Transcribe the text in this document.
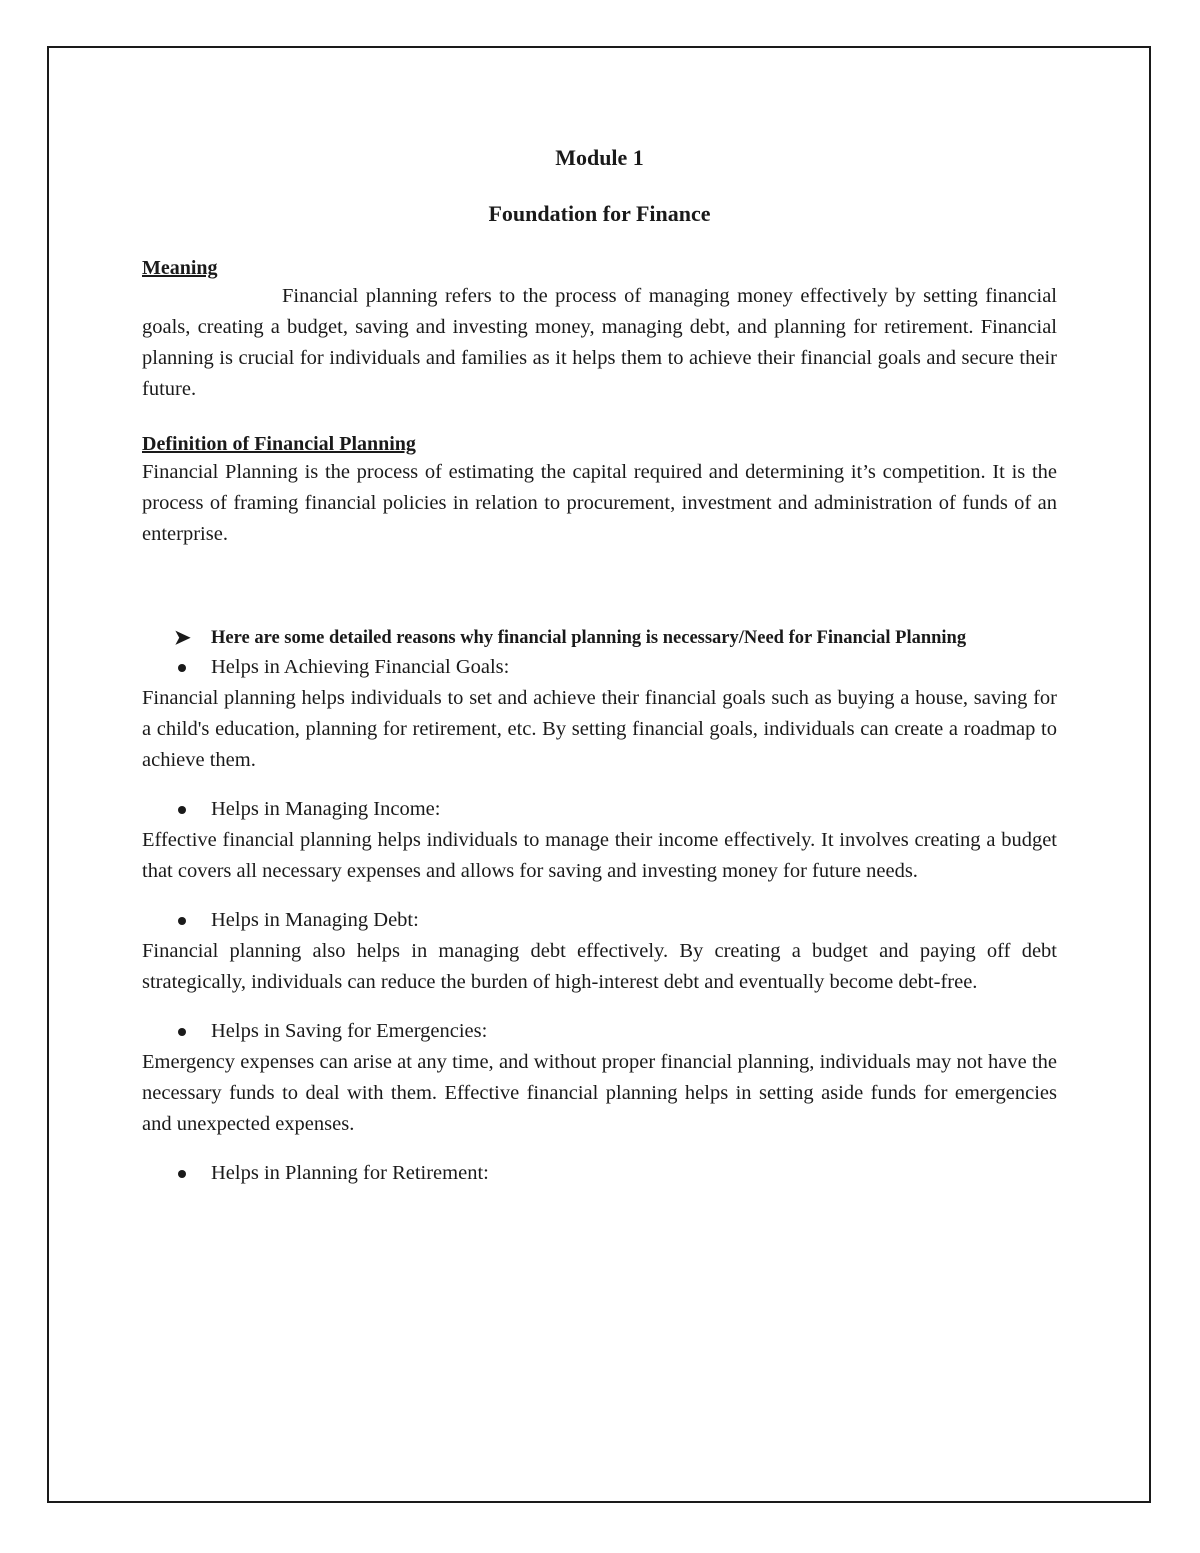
Module 1
Foundation for Finance
Meaning

Financial planning refers to the process of managing money effectively by setting financial goals, creating a budget, saving and investing money, managing debt, and planning for retirement. Financial planning is crucial for individuals and families as it helps them to achieve their financial goals and secure their future.

Definition of Financial Planning

Financial Planning is the process of estimating the capital required and determining it’s competition. It is the process of framing financial policies in relation to procurement, investment and administration of funds of an enterprise.

➤ Here are some detailed reasons why financial planning is necessary/Need for Financial Planning
Helps in Achieving Financial Goals:

Financial planning helps individuals to set and achieve their financial goals such as buying a house, saving for a child's education, planning for retirement, etc. By setting financial goals, individuals can create a roadmap to achieve them.

Helps in Managing Income:

Effective financial planning helps individuals to manage their income effectively. It involves creating a budget that covers all necessary expenses and allows for saving and investing money for future needs.

Helps in Managing Debt:

Financial planning also helps in managing debt effectively. By creating a budget and paying off debt strategically, individuals can reduce the burden of high-interest debt and eventually become debt-free.

Helps in Saving for Emergencies:

Emergency expenses can arise at any time, and without proper financial planning, individuals may not have the necessary funds to deal with them. Effective financial planning helps in setting aside funds for emergencies and unexpected expenses.

Helps in Planning for Retirement:
